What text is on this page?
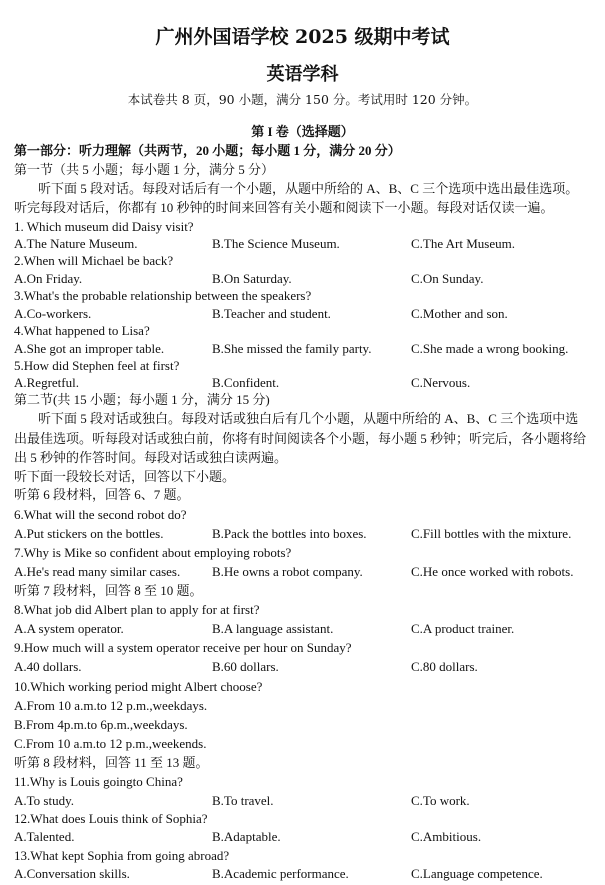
广州外国语学校 2025 级期中考试
英语学科
本试卷共 8 页，90 小题，满分 150 分。考试用时 120 分钟。
第 I 卷（选择题）
第一部分：听力理解（共两节，20 小题；每小题 1 分，满分 20 分）
第一节（共 5 小题；每小题 1 分，满分 5 分）
听下面 5 段对话。每段对话后有一个小题，从题中所给的 A、B、C 三个选项中选出最佳选项。
听完每段对话后，你都有 10 秒钟的时间来回答有关小题和阅读下一小题。每段对话仅读一遍。
1. Which museum did Daisy visit?
A.The Nature Museum.	B.The Science Museum.	C.The Art Museum.
2.When will Michael be back?
A.On Friday.	B.On Saturday.	C.On Sunday.
3.What's the probable relationship between the speakers?
A.Co-workers.	B.Teacher and student.	C.Mother and son.
4.What happened to Lisa?
A.She got an improper table.	B.She missed the family party.	C.She made a wrong booking.
5.How did Stephen feel at first?
A.Regretful.	B.Confident.	C.Nervous.
第二节(共 15 小题；每小题 1 分，满分 15 分)
听下面 5 段对话或独白。每段对话或独白后有几个小题，从题中所给的 A、B、C 三个选项中选
出最佳选项。听每段对话或独白前，你将有时间阅读各个小题，每小题 5 秒钟；听完后，各小题将给
出 5 秒钟的作答时间。每段对话或独白读两遍。
听下面一段较长对话，回答以下小题。
听第 6 段材料，回答 6、7 题。
6.What will the second robot do?
A.Put stickers on the bottles.	B.Pack the bottles into boxes.	C.Fill bottles with the mixture.
7.Why is Mike so confident about employing robots?
A.He's read many similar cases. B.He owns a robot company.	C.He once worked with robots.
听第 7 段材料，回答 8 至 10 题。
8.What job did Albert plan to apply for at first?
A.A system operator.	B.A language assistant.	C.A product trainer.
9.How much will a system operator receive per hour on Sunday?
A.40 dollars.	B.60 dollars.	C.80 dollars.
10.Which working period might Albert choose?
A.From 10 a.m.to 12 p.m.,weekdays.
B.From 4p.m.to 6p.m.,weekdays.
C.From 10 a.m.to 12 p.m.,weekends.
听第 8 段材料，回答 11 至 13 题。
11.Why is Louis goingto China?
A.To study.	B.To travel.	C.To work.
12.What does Louis think of Sophia?
A.Talented.	B.Adaptable.	C.Ambitious.
13.What kept Sophia from going abroad?
A.Conversation skills.	B.Academic performance.	C.Language competence.
